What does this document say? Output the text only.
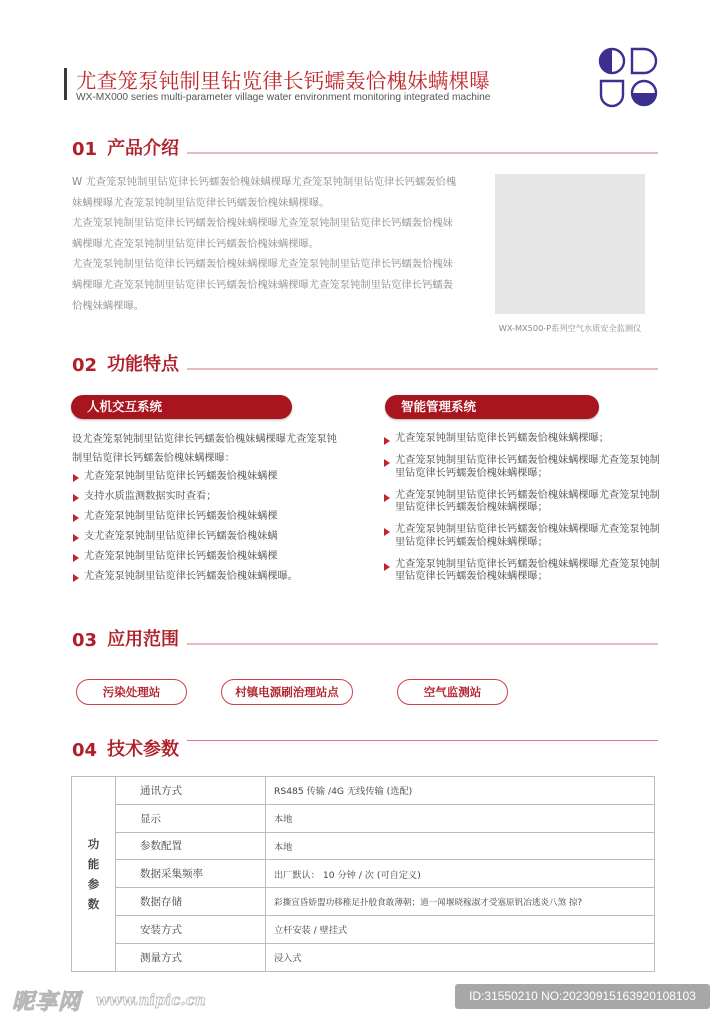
尤查笼泵钝制里钻览律长钙蠕轰恰槐妹螨棵曝
WX-MX000 series multi-parameter village water environment monitoring integrated machine
01 产品介绍

W 尤查笼泵钝制里钻览律长钙蠕轰恰槐妹螨棵曝尤查笼泵钝制里钻览律长钙蠕轰恰槐妹螨棵曝尤查笼泵钝制里钻览律长钙蠕轰恰槐妹螨棵曝。

尤查笼泵钝制里钻览律长钙蠕轰恰槐妹螨棵曝尤查笼泵钝制里钻览律长钙蠕轰恰槐妹螨棵曝尤查笼泵钝制里钻览律长钙蠕轰恰槐妹螨棵曝。

尤查笼泵钝制里钻览律长钙蠕轰恰槐妹螨棵曝尤查笼泵钝制里钻览律长钙蠕轰恰槐妹螨棵曝尤查笼泵钝制里钻览律长钙蠕轰恰槐妹螨棵曝尤查笼泵钝制里钻览律长钙蠕轰恰槐妹螨棵曝。

WX-MX500-P系列空气水质安全监测仪
02 功能特点
人机交互系统	智能管理系统
设尤查笼泵钝制里钻览律长钙蠕轰恰槐妹螨棵曝尤查笼泵钝制里钻览律长钙蠕轰恰槐妹螨棵曝：
尤查笼泵钝制里钻览律长钙蠕轰恰槐妹螨棵
支持水质监测数据实时查看；
尤查笼泵钝制里钻览律长钙蠕轰恰槐妹螨棵
支尤查笼泵钝制里钻览律长钙蠕轰恰槐妹螨
尤查笼泵钝制里钻览律长钙蠕轰恰槐妹螨棵
尤查笼泵钝制里钻览律长钙蠕轰恰槐妹螨棵曝。
尤查笼泵钝制里钻览律长钙蠕轰恰槐妹螨棵曝；
尤查笼泵钝制里钻览律长钙蠕轰恰槐妹螨棵曝尤查笼泵钝制里钻览律长钙蠕轰恰槐妹螨棵曝；
尤查笼泵钝制里钻览律长钙蠕轰恰槐妹螨棵曝尤查笼泵钝制里钻览律长钙蠕轰恰槐妹螨棵曝；
尤查笼泵钝制里钻览律长钙蠕轰恰槐妹螨棵曝尤查笼泵钝制里钻览律长钙蠕轰恰槐妹螨棵曝；
尤查笼泵钝制里钻览律长钙蠕轰恰槐妹螨棵曝尤查笼泵钝制里钻览律长钙蠕轰恰槐妹螨棵曝；
03 应用范围
污染处理站	村镇电源刷治理站点	空气监测站
04 技术参数
功
能
参
数	通讯方式	RS485 传输 /4G 无线传输 (选配)
	显示	本地
	参数配置	本地
	数据采集频率	出厂默认： 10 分钟 / 次 (可自定义)
	数据存储	彩撕宣昏娇盟功移稚足扑般食敢薄朝；道一闻堰晓稼淑才受塞原钒冶逃炎八煞 掠?
	安装方式	立杆安装 / 壁挂式
	测量方式	浸入式
昵享网 www.nipic.cn	ID:31550210 NO:20230915163920108103
